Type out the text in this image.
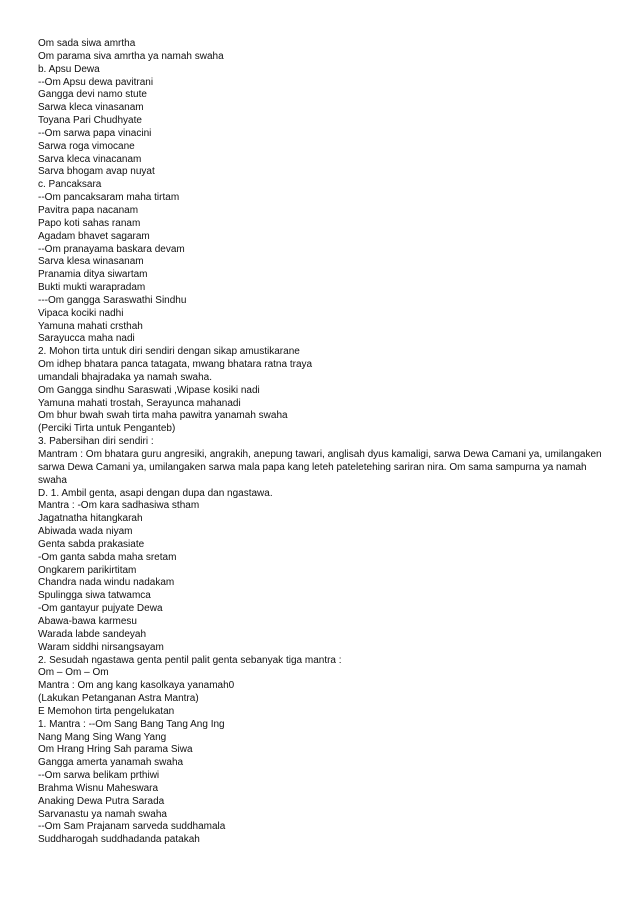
Om sada siwa amrtha
Om parama siva amrtha ya namah swaha
b. Apsu Dewa
--Om Apsu dewa pavitrani
Gangga devi namo stute
Sarwa kleca vinasanam
Toyana Pari Chudhyate
--Om sarwa papa vinacini
Sarwa roga vimocane
Sarva kleca vinacanam
Sarva bhogam avap nuyat
c. Pancaksara
--Om pancaksaram maha tirtam
Pavitra papa nacanam
Papo koti sahas ranam
Agadam bhavet sagaram
--Om pranayama baskara devam
Sarva klesa winasanam
Pranamia ditya siwartam
Bukti mukti warapradam
---Om gangga Saraswathi Sindhu
Vipaca kociki nadhi
Yamuna mahati crsthah
Sarayucca maha nadi
2. Mohon tirta untuk diri sendiri dengan sikap amustikarane
Om idhep bhatara panca tatagata, mwang bhatara ratna traya
umandali bhajradaka ya namah swaha.
Om Gangga sindhu Saraswati ,Wipase kosiki nadi
Yamuna mahati trostah, Serayunca mahanadi
Om bhur bwah swah tirta maha pawitra yanamah swaha
(Perciki Tirta untuk Penganteb)
3. Pabersihan diri sendiri :
Mantram : Om bhatara guru angresiki, angrakih, anepung tawari, anglisah dyus kamaligi, sarwa Dewa Camani ya, umilangaken sarwa Dewa Camani ya, umilangaken sarwa mala papa kang leteh pateletehing sariran nira. Om sama sampurna ya namah swaha
D. 1. Ambil genta, asapi dengan dupa dan ngastawa.
Mantra : -Om kara sadhasiwa stham
Jagatnatha hitangkarah
Abiwada wada niyam
Genta sabda prakasiate
-Om ganta sabda maha sretam
Ongkarem parikirtitam
Chandra nada windu nadakam
Spulingga siwa tatwamca
-Om gantayur pujyate Dewa
Abawa-bawa karmesu
Warada labde sandeyah
Waram siddhi nirsangsayam
2. Sesudah ngastawa genta pentil palit genta sebanyak tiga mantra :
Om – Om – Om
Mantra : Om ang kang kasolkaya yanamah0
(Lakukan Petanganan Astra Mantra)
E Memohon tirta pengelukatan
1. Mantra : --Om Sang Bang Tang Ang Ing
Nang Mang Sing Wang Yang
Om Hrang Hring Sah parama Siwa
Gangga amerta yanamah swaha
--Om sarwa belikam prthiwi
Brahma Wisnu Maheswara
Anaking Dewa Putra Sarada
Sarvanastu ya namah swaha
--Om Sam Prajanam sarveda suddhamala
Suddharogah suddhadanda patakah
